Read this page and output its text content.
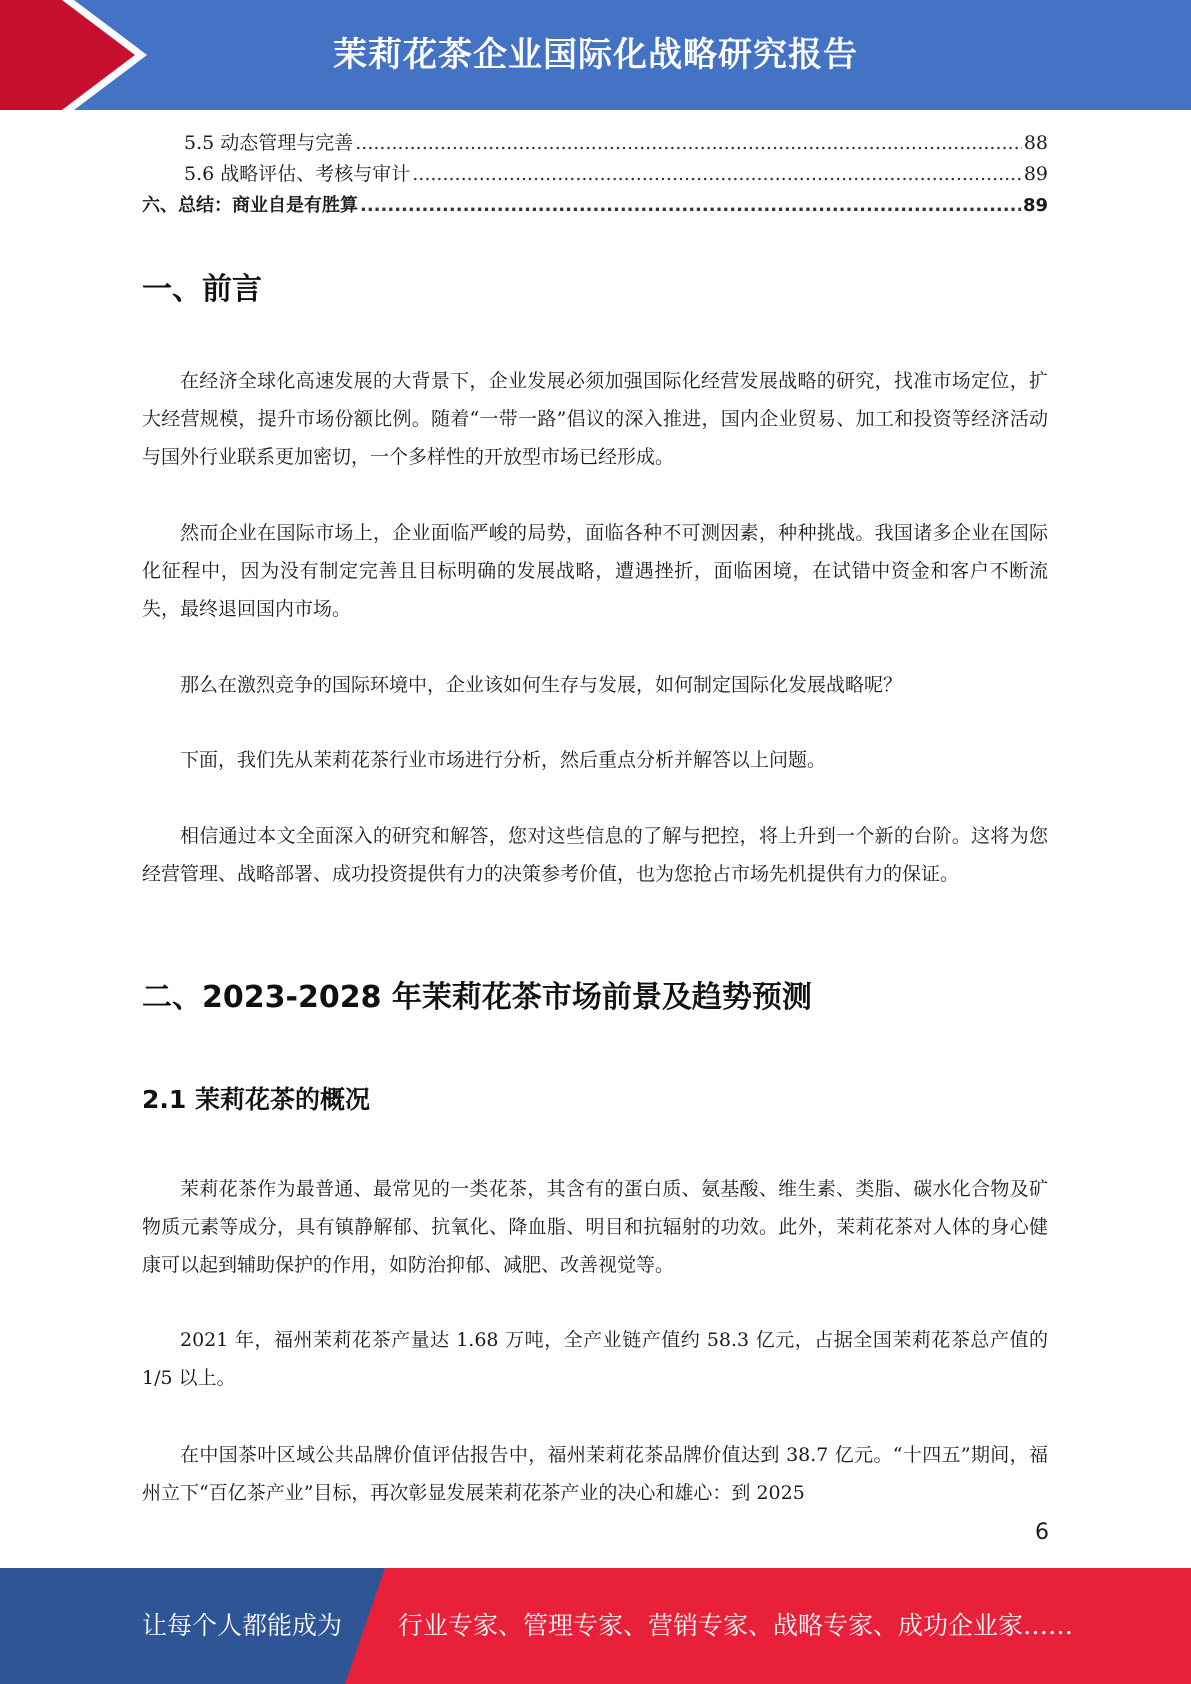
茉莉花茶企业国际化战略研究报告
5.5 动态管理与完善 .....	88
5.6 战略评估、考核与审计 .....	89
六、总结：商业自是有胜算 .....	89
一、前言

在经济全球化高速发展的大背景下，企业发展必须加强国际化经营发展战略的研究，找准市场定位，扩大经营规模，提升市场份额比例。随着“一带一路”倡议的深入推进，国内企业贸易、加工和投资等经济活动与国外行业联系更加密切，一个多样性的开放型市场已经形成。

然而企业在国际市场上，企业面临严峻的局势，面临各种不可测因素，种种挑战。我国诸多企业在国际化征程中，因为没有制定完善且目标明确的发展战略，遭遇挫折，面临困境，在试错中资金和客户不断流失，最终退回国内市场。

那么在激烈竞争的国际环境中，企业该如何生存与发展，如何制定国际化发展战略呢？

下面，我们先从茉莉花茶行业市场进行分析，然后重点分析并解答以上问题。

相信通过本文全面深入的研究和解答，您对这些信息的了解与把控，将上升到一个新的台阶。这将为您经营管理、战略部署、成功投资提供有力的决策参考价值，也为您抢占市场先机提供有力的保证。

二、2023-2028 年茉莉花茶市场前景及趋势预测
2.1 茉莉花茶的概况

茉莉花茶作为最普通、最常见的一类花茶，其含有的蛋白质、氨基酸、维生素、类脂、碳水化合物及矿物质元素等成分，具有镇静解郁、抗氧化、降血脂、明目和抗辐射的功效。此外，茉莉花茶对人体的身心健康可以起到辅助保护的作用，如防治抑郁、减肥、改善视觉等。

2021 年，福州茉莉花茶产量达 1.68 万吨，全产业链产值约 58.3 亿元，占据全国茉莉花茶总产值的 1/5 以上。

在中国茶叶区域公共品牌价值评估报告中，福州茉莉花茶品牌价值达到 38.7 亿元。“十四五”期间，福州立下“百亿茶产业”目标，再次彰显发展茉莉花茶产业的决心和雄心：到 2025

6
让每个人都能成为 行业专家、管理专家、营销专家、战略专家、成功企业家……
